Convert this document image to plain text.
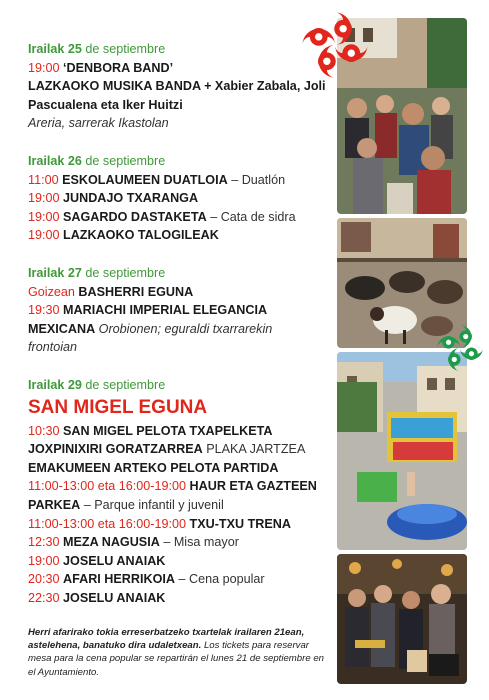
Irailak 25 de septiembre
19:00 ‘DENBORA BAND’
LAZKAOKO MUSIKA BANDA + Xabier Zabala, Joli
Pascualena eta Iker Huitzi
Areria, sarrerak Ikastolan
Irailak 26 de septiembre
11:00 ESKOLAUMEEN DUATLOIA – Duatlón
19:00 JUNDAJO TXARANGA
19:00 SAGARDO DASTAKETA – Cata de sidra
19:00 LAZKAOKO TALOGILEAK
Irailak 27 de septiembre
Goizean BASHERRI EGUNA
19:30 MARIACHI IMPERIAL ELEGANCIA
MEXICANA Orobionen; eguraldi txarrarekin
frontoian
Irailak 29 de septiembre
SAN MIGEL EGUNA
10:30 SAN MIGEL PELOTA TXAPELKETA
JOXPINIXIRI GORATZARREA PLAKA JARTZEA
EMAKUMEEN ARTEKO PELOTA PARTIDA
11:00-13:00 eta 16:00-19:00 HAUR ETA GAZTEEN
PARKEA – Parque infantil y juvenil
11:00-13:00 eta 16:00-19:00 TXU-TXU TRENA
12:30 MEZA NAGUSIA – Misa mayor
19:00 JOSELU ANAIAK
20:30 AFARI HERRIKOIA – Cena popular
22:30 JOSELU ANAIAK
Herri afarirako tokia erreserbatzeko txartelak irailaren 21ean, astelehena, banatuko dira udaletxean. Los tickets para reservar mesa para la cena popular se repartirán el lunes 21 de septiembre en el Ayuntamiento.
